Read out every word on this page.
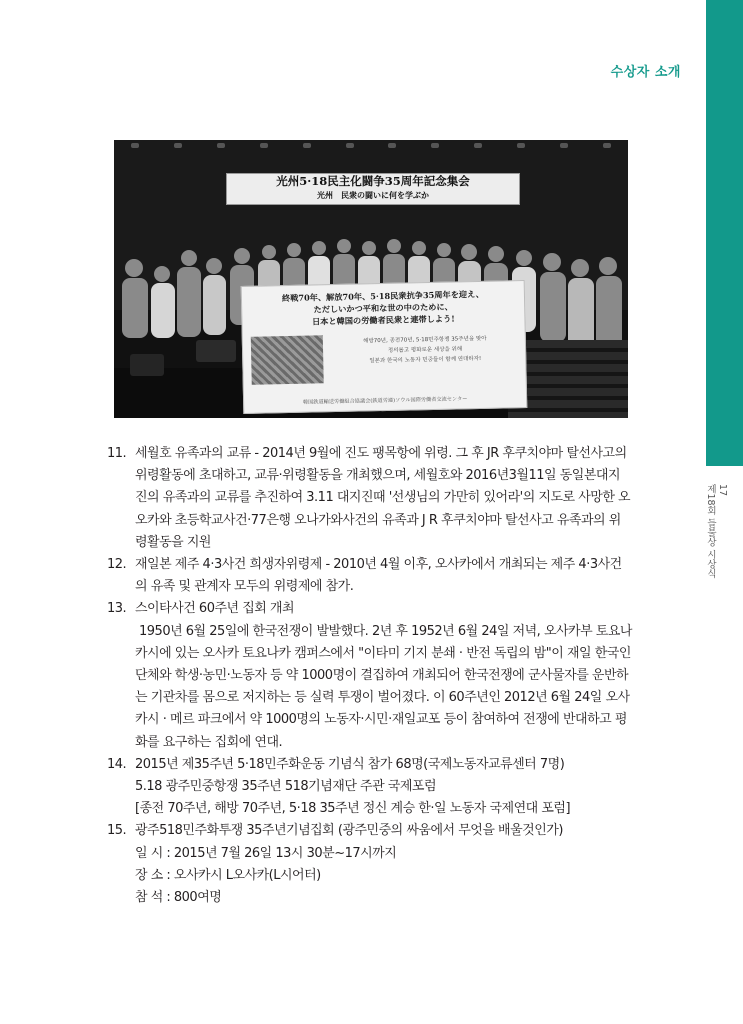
수상자 소개
17
제18회 들불상 시상식
光州5·18民主化闘争35周年記念集会
光州　民衆の闘いに何を学ぶか
終戦70年、解放70年、5·18民衆抗争35周年を迎え、
ただしいかつ平和な世の中のために、
日本と韓国の労働者民衆と連帯しよう!
해방70년, 종전70년, 5·18민주항쟁 35주년을 맞아
정의롭고 평화로운 세상을 위해
일본과 한국의 노동자 민중들이 함께 연대하자!
韓国鉄道輸送労働組合協議会(鉄道労連)ソウル国際労働者交流センター
11. 세월호 유족과의 교류 - 2014년 9월에 진도 팽목항에 위령. 그 후 JR 후쿠치야마 탈선사고의

위령활동에 초대하고, 교류·위령활동을 개최했으며, 세월호와 2016년3월11일 동일본대지

진의 유족과의 교류를 추진하여 3.11 대지진때 '선생님의 가만히 있어라'의 지도로 사망한 오

오카와 초등학교사건·77은행 오나가와사건의 유족과 J R 후쿠치야마 탈선사고 유족과의 위

령활동을 지원

12. 재일본 제주 4·3사건 희생자위령제 - 2010년 4월 이후, 오사카에서 개최되는 제주 4·3사건

의 유족 및 관계자 모두의 위령제에 참가.

13. 스이타사건 60주년 집회 개최

1950년 6월 25일에 한국전쟁이 발발했다. 2년 후 1952년 6월 24일 저녁, 오사카부 토요나

카시에 있는 오사카 토요나카 캠퍼스에서 "이타미 기지 분쇄 · 반전 독립의 밤"이 재일 한국인

단체와 학생·농민·노동자 등 약 1000명이 결집하여 개최되어 한국전쟁에 군사물자를 운반하

는 기관차를 몸으로 저지하는 등 실력 투쟁이 벌어졌다. 이 60주년인 2012년 6월 24일 오사

카시 · 메르 파크에서 약 1000명의 노동자·시민·재일교포 등이 참여하여 전쟁에 반대하고 평

화를 요구하는 집회에 연대.

14. 2015년 제35주년 5·18민주화운동 기념식 참가 68명(국제노동자교류센터 7명)

5.18 광주민중항쟁 35주년 518기념재단 주관 국제포럼

[종전 70주년, 해방 70주년, 5·18 35주년 정신 계승 한·일 노동자 국제연대 포럼]

15. 광주518민주화투쟁 35주년기념집회 (광주민중의 싸움에서 무엇을 배울것인가)

일 시 : 2015년 7월 26일 13시 30분~17시까지

장 소 : 오사카시 L오사카(L시어터)

참 석 : 800여명
